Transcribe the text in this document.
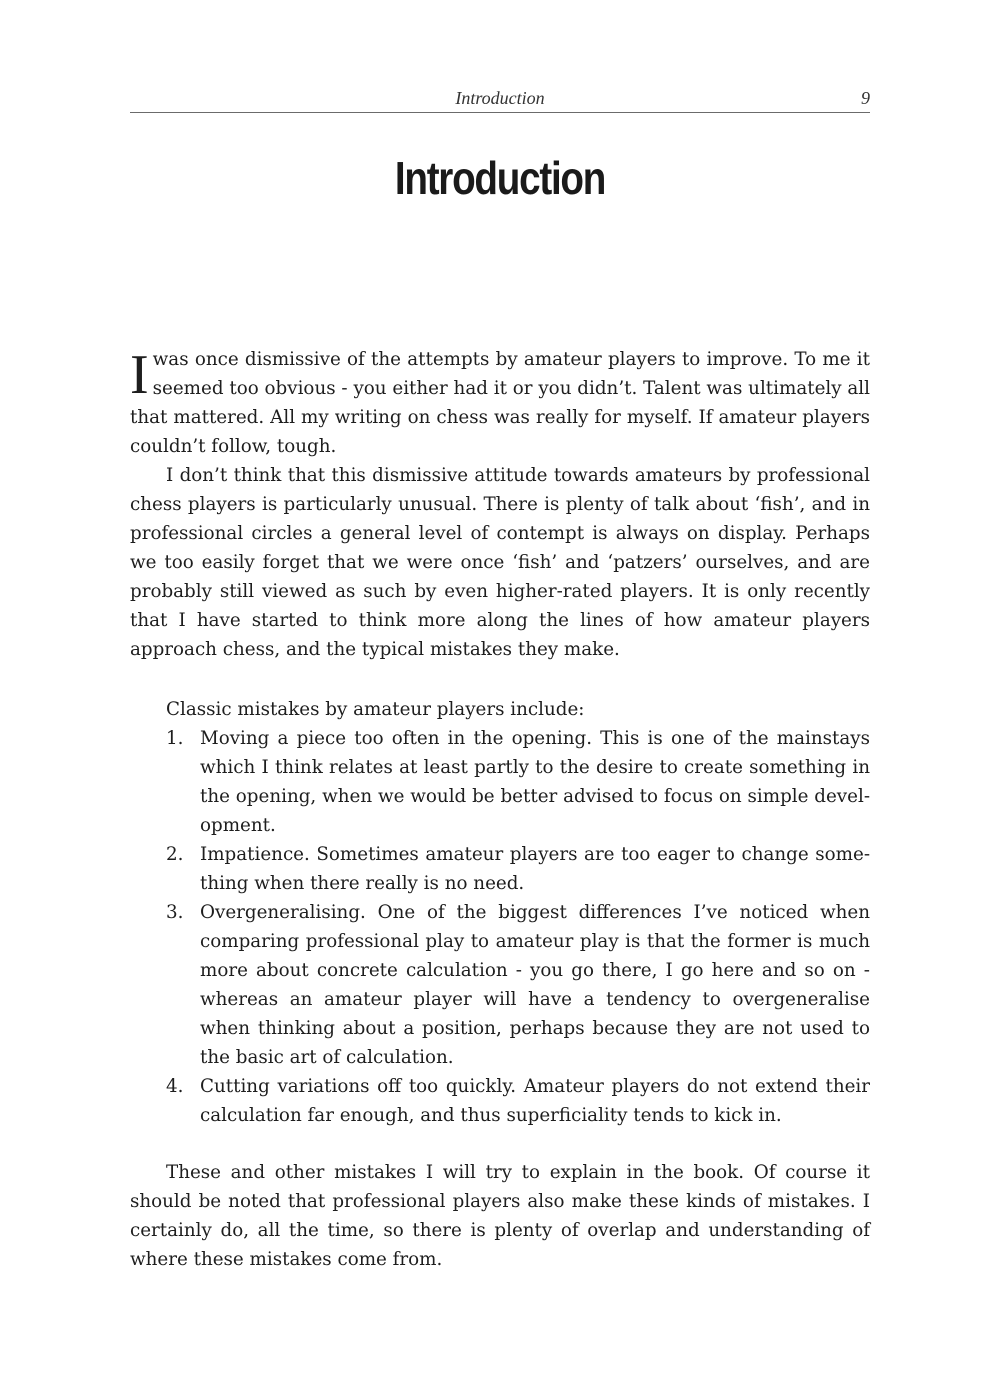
Introduction	9
Introduction

Iwas once dismissive of the attempts by amateur players to improve. To me it seemed too obvious - you either had it or you didn’t. Talent was ultimately all that mattered. All my writing on chess was really for myself. If amateur players couldn’t follow, tough.

I don’t think that this dismissive attitude towards amateurs by professional chess players is particularly unusual. There is plenty of talk about ‘fish’, and in professional circles a general level of contempt is always on display. Perhaps we too easily forget that we were once ‘fish’ and ‘patzers’ ourselves, and are probably still viewed as such by even higher-rated players. It is only recently that I have started to think more along the lines of how amateur players approach chess, and the typical mistakes they make.

Classic mistakes by amateur players include:

1. Moving a piece too often in the opening. This is one of the mainstays which I think relates at least partly to the desire to create something in the opening, when we would be better advised to focus on simple development.
2. Impatience. Sometimes amateur players are too eager to change something when there really is no need.
3. Overgeneralising. One of the biggest differences I’ve noticed when comparing professional play to amateur play is that the former is much more about concrete calculation - you go there, I go here and so on - whereas an amateur player will have a tendency to overgeneralise when thinking about a position, perhaps because they are not used to the basic art of calculation.
4. Cutting variations off too quickly. Amateur players do not extend their calculation far enough, and thus superficiality tends to kick in.

These and other mistakes I will try to explain in the book. Of course it should be noted that professional players also make these kinds of mistakes. I certainly do, all the time, so there is plenty of overlap and understanding of where these mistakes come from.
